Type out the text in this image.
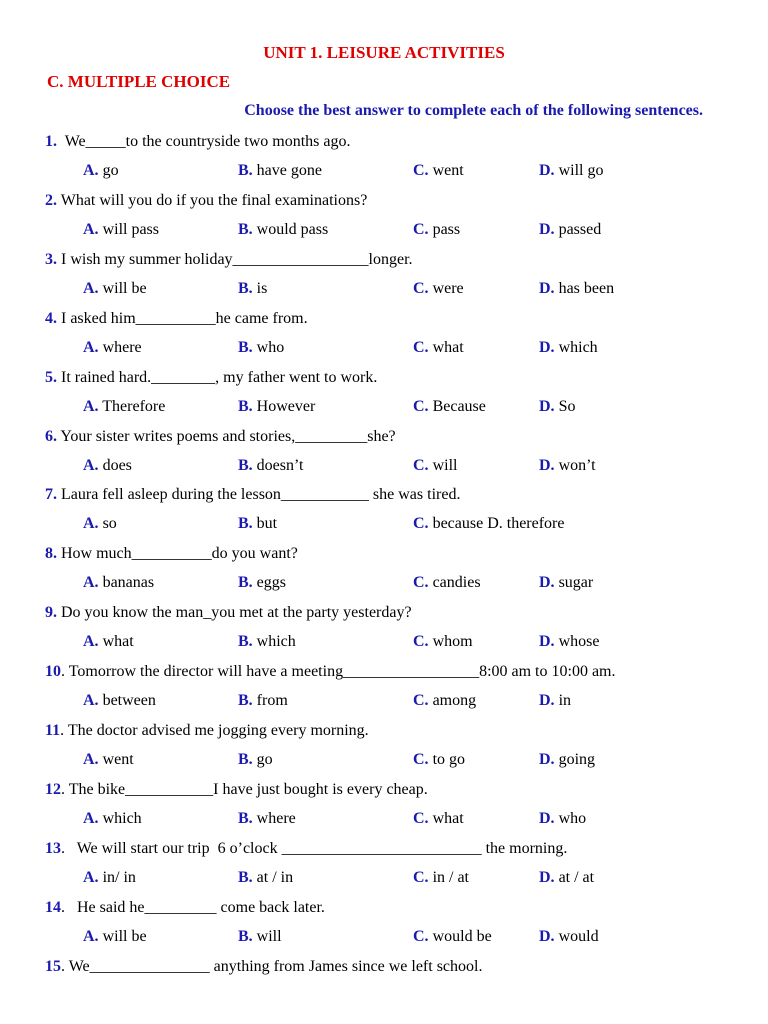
UNIT 1. LEISURE ACTIVITIES
C. MULTIPLE CHOICE
Choose the best answer to complete each of the following sentences.
1. We_____to the countryside two months ago.
A. go	B. have gone	C. went	D. will go
2. What will you do if you the final examinations?
A. will pass	B. would pass	C. pass	D. passed
3. I wish my summer holiday_________________longer.
A. will be	B. is	C. were	D. has been
4. I asked him__________he came from.
A. where	B. who	C. what	D. which
5. It rained hard.________, my father went to work.
A. Therefore	B. However	C. Because	D. So
6. Your sister writes poems and stories,_________she?
A. does	B. doesn’t	C. will	D. won’t
7. Laura fell asleep during the lesson___________ she was tired.
A. so	B. but	C. because D. therefore
8. How much__________do you want?
A. bananas	B. eggs	C. candies	D. sugar
9. Do you know the man_you met at the party yesterday?
A. what	B. which	C. whom	D. whose
10. Tomorrow the director will have a meeting_________________8:00 am to 10:00 am.
A. between	B. from	C. among	D. in
11. The doctor advised me jogging every morning.
A. went	B. go	C. to go	D. going
12. The bike___________I have just bought is every cheap.
A. which	B. where	C. what	D. who
13.   We will start our trip  6 o’clock _________________________ the morning.
A. in/ in	B. at / in	C. in / at	D. at / at
14.   He said he_________ come back later.
A. will be	B. will	C. would be	D. would
15. We_______________ anything from James since we left school.
